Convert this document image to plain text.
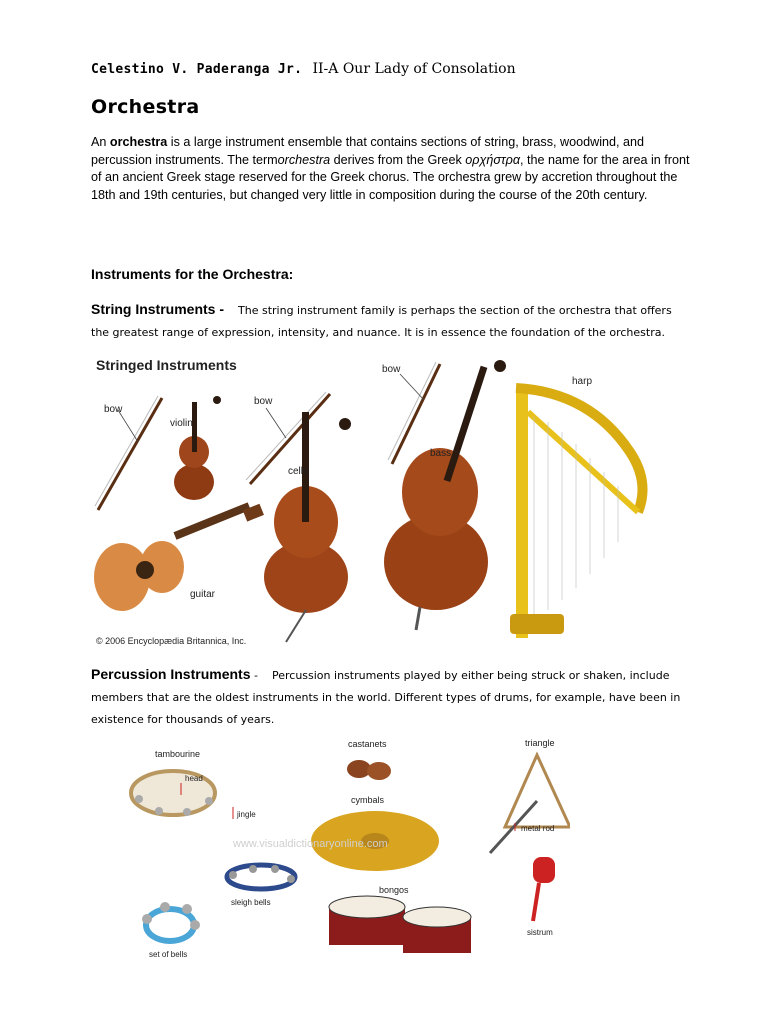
Celestino V. Paderanga Jr. II-A Our Lady of Consolation
Orchestra

An orchestra is a large instrument ensemble that contains sections of string, brass, woodwind, and percussion instruments. The termorchestra derives from the Greek ορχήστρα, the name for the area in front of an ancient Greek stage reserved for the Greek chorus. The orchestra grew by accretion throughout the 18th and 19th centuries, but changed very little in composition during the course of the 20th century.

Instruments for the Orchestra:

String Instruments - The string instrument family is perhaps the section of the orchestra that offers the greatest range of expression, intensity, and nuance. It is in essence the foundation of the orchestra.

Stringed Instruments
bow
violin
guitar
bow
cello
bow
bass
harp
© 2006 Encyclopædia Britannica, Inc.

Percussion Instruments - Percussion instruments played by either being struck or shaken, include members that are the oldest instruments in the world. Different types of drums, for example, have been in existence for thousands of years.

tambourine
head
jingle
castanets
cymbals
www.visualdictionaryonline.com
triangle
metal rod
sleigh bells
bongos
sistrum
set of bells
